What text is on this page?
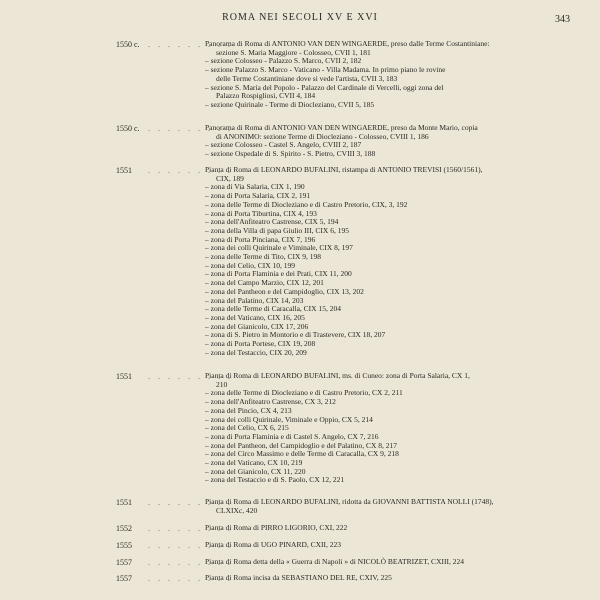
ROMA NEI SECOLI XV E XVI	343
1550 c. . . . . . . . . .
Panorama di Roma di ANTONIO VAN DEN WINGAERDE, preso dalle Terme Costantiniane:
sezione S. Maria Maggiore - Colosseo, CVII 1, 181
– sezione Colosseo - Palazzo S. Marco, CVII 2, 182
– sezione Palazzo S. Marco - Vaticano - Villa Madama. In primo piano le rovine
delle Terme Costantiniane dove si vede l'artista, CVII 3, 183
– sezione S. Maria del Popolo - Palazzo del Cardinale di Vercelli, oggi zona del
Palazzo Rospigliosi, CVII 4, 184
– sezione Quirinale - Terme di Diocleziano, CVII 5, 185
1550 c. . . . . . . . . .
Panorama di Roma di ANTONIO VAN DEN WINGAERDE, preso da Monte Mario, copia
di ANONIMO: sezione Terme di Diocleziano - Colosseo, CVIII 1, 186
– sezione Colosseo - Castel S. Angelo, CVIII 2, 187
– sezione Ospedale di S. Spirito - S. Pietro, CVIII 3, 188
1551 . . . . . . . . .
Pianta di Roma di LEONARDO BUFALINI, ristampa di ANTONIO TREVISI (1560/1561),
CIX, 189
– zona di Via Salaria, CIX 1, 190
– zona di Porta Salaria, CIX 2, 191
– zona delle Terme di Diocleziano e di Castro Pretorio, CIX, 3, 192
– zona di Porta Tiburtina, CIX 4, 193
– zona dell'Anfiteatro Castrense, CIX 5, 194
– zona della Villa di papa Giulio III, CIX 6, 195
– zona di Porta Pinciana, CIX 7, 196
– zona dei colli Quirinale e Viminale, CIX 8, 197
– zona delle Terme di Tito, CIX 9, 198
– zona del Celio, CIX 10, 199
– zona di Porta Flaminia e dei Prati, CIX 11, 200
– zona del Campo Marzio, CIX 12, 201
– zona del Pantheon e del Campidoglio, CIX 13, 202
– zona del Palatino, CIX 14, 203
– zona delle Terme di Caracalla, CIX 15, 204
– zona del Vaticano, CIX 16, 205
– zona del Gianicolo, CIX 17, 206
– zona di S. Pietro in Montorio e di Trastevere, CIX 18, 207
– zona di Porta Portese, CIX 19, 208
– zona del Testaccio, CIX 20, 209
1551 . . . . . . . . .
Pianta di Roma di LEONARDO BUFALINI, ms. di Cuneo: zona di Porta Salaria, CX 1,
210
– zona delle Terme di Diocleziano e di Castro Pretorio, CX 2, 211
– zona dell'Anfiteatro Castrense, CX 3, 212
– zona del Pincio, CX 4, 213
– zona dei colli Quirinale, Viminale e Oppio, CX 5, 214
– zona del Celio, CX 6, 215
– zona di Porta Flaminia e di Castel S. Angelo, CX 7, 216
– zona del Pantheon, del Campidoglio e del Palatino, CX 8, 217
– zona del Circo Massimo e delle Terme di Caracalla, CX 9, 218
– zona del Vaticano, CX 10, 219
– zona del Gianicolo, CX 11, 220
– zona del Testaccio e di S. Paolo, CX 12, 221
1551 . . . . . . . . .
Pianta di Roma di LEONARDO BUFALINI, ridotta da GIOVANNI BATTISTA NOLLI (1748),
CLXIXc, 420
1552 . . . . . . . . .
Pianta di Roma di PIRRO LIGORIO, CXI, 222
1555 . . . . . . . . .
Pianta di Roma di UGO PINARD, CXII, 223
1557 . . . . . . . . .
Pianta di Roma detta della « Guerra di Napoli » di NICOLÒ BEATRIZET, CXIII, 224
1557 . . . . . . . . .
Pianta di Roma incisa da SEBASTIANO DEL RE, CXIV, 225
